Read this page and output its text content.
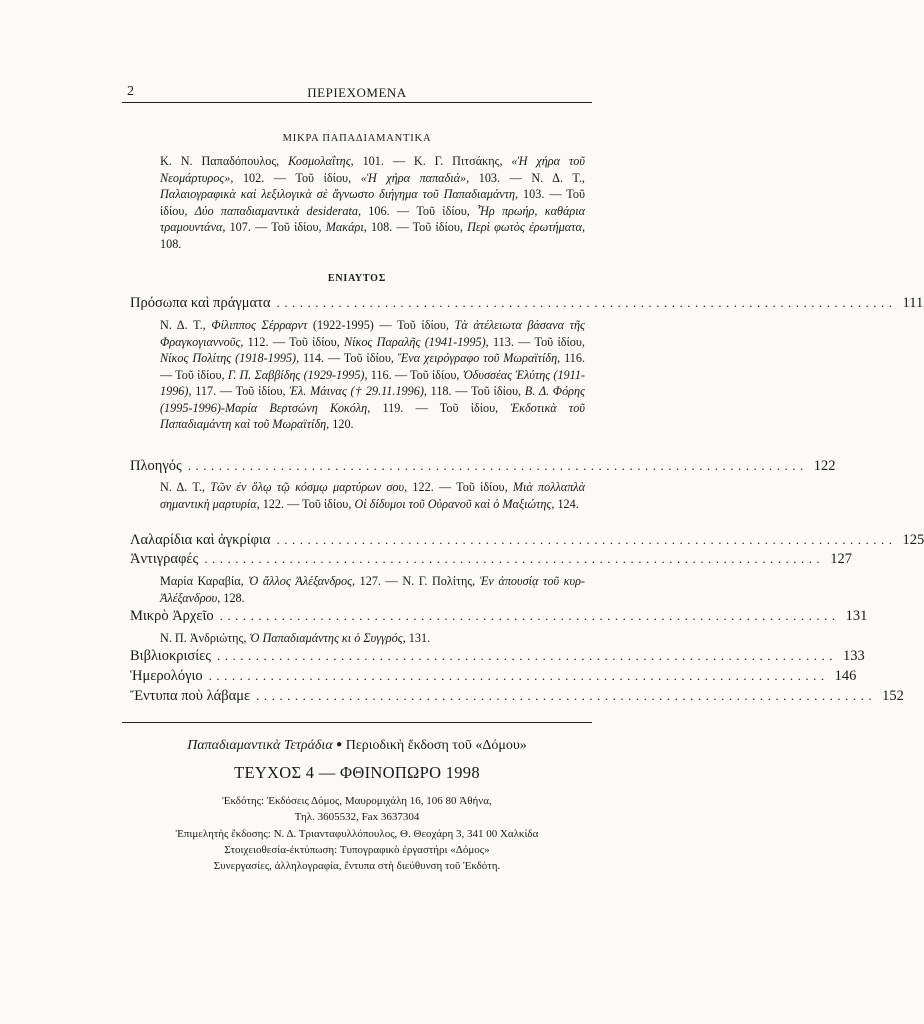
2	ΠΕΡΙΕΧΟΜΕΝΑ
ΜΙΚΡΑ ΠΑΠΑΔΙΑΜΑΝΤΙΚΑ
Κ. Ν. Παπαδόπουλος, Κοσμολαΐτης, 101. — Κ. Γ. Πιτσάκης, «Ἡ χήρα τοῦ Νεομάρτυρος», 102. — Τοῦ ἰδίου, «Ἡ χήρα παπαδιά», 103. — Ν. Δ. Τ., Παλαιογραφικὰ καὶ λεξιλογικὰ σὲ ἄγνωστο διήγημα τοῦ Παπαδιαμάντη, 103. — Τοῦ ἰδίου, Δύο παπαδιαμαντικὰ desiderata, 106. — Τοῦ ἰδίου, Ἦρ πρωήρ, καθάρια τραμουντάνα, 107. — Τοῦ ἰδίου, Μακάρι, 108. — Τοῦ ἰδίου, Περὶ φωτὸς ἐρωτήματα, 108.
ΕΝΙΑΥΤΟΣ
Πρόσωπα καὶ πράγματα ................................................................................ 111
Ν. Δ. Τ., Φίλιππος Σέρραρντ (1922-1995) — Τοῦ ἰδίου, Τὰ ἀτέλειωτα βάσανα τῆς Φραγκογιαννοῦς, 112. — Τοῦ ἰδίου, Νίκος Παραλῆς (1941-1995), 113. — Τοῦ ἰδίου, Νίκος Πολίτης (1918-1995), 114. — Τοῦ ἰδίου, Ἕνα χειρόγραφο τοῦ Μωραϊτίδη, 116. — Τοῦ ἰδίου, Γ. Π. Σαββίδης (1929-1995), 116. — Τοῦ ἰδίου, Ὀδυσσέας Ἐλύτης (1911-1996), 117. — Τοῦ ἰδίου, Ἐλ. Μάινας († 29.11.1996), 118. — Τοῦ ἰδίου, Β. Δ. Φόρης (1995-1996)-Μαρία Βερτσώνη Κοκόλη, 119. — Τοῦ ἰδίου, Ἐκδοτικὰ τοῦ Παπαδιαμάντη καὶ τοῦ Μωραϊτίδη, 120.
Πλοηγός ................................................................................ 122
Ν. Δ. Τ., Τῶν ἐν ὅλῳ τῷ κόσμῳ μαρτύρων σου, 122. — Τοῦ ἰδίου, Μιὰ πολλαπλὰ σημαντικὴ μαρτυρία, 122. — Τοῦ ἰδίου, Οἱ δίδυμοι τοῦ Οὐρανοῦ καὶ ὁ Μαξιώτης, 124.
Λαλαρίδια καὶ ἀγκρίφια ................................................................................ 125
Ἀντιγραφές ................................................................................ 127
Μαρία Καραβία, Ὁ ἄλλος Ἀλέξανδρος, 127. — Ν. Γ. Πολίτης, Ἐν ἀπουσίᾳ τοῦ κυρ-Ἀλέξανδρου, 128.
Μικρὸ Ἀρχεῖο ................................................................................ 131
Ν. Π. Ἀνδριώτης, Ὁ Παπαδιαμάντης κι ὁ Συγγρός, 131.
Βιβλιοκρισίες ................................................................................ 133
Ἡμερολόγιο ................................................................................ 146
Ἔντυπα ποὺ λάβαμε ................................................................................ 152
Παπαδιαμαντικὰ Τετράδια ● Περιοδικὴ ἔκδοση τοῦ «Δόμου»
ΤΕΥΧΟΣ 4 — ΦΘΙΝΟΠΩΡΟ 1998
Ἐκδότης: Ἐκδόσεις Δόμος, Μαυρομιχάλη 16, 106 80 Ἀθήνα,
Τηλ. 3605532, Fax 3637304
Ἐπιμελητὴς ἔκδοσης: Ν. Δ. Τριανταφυλλόπουλος, Θ. Θεοχάρη 3, 341 00 Χαλκίδα
Στοιχειοθεσία-ἐκτύπωση: Τυπογραφικὸ ἐργαστήρι «Δόμος»
Συνεργασίες, ἀλληλογραφία, ἔντυπα στὴ διεύθυνση τοῦ Ἐκδότη.
